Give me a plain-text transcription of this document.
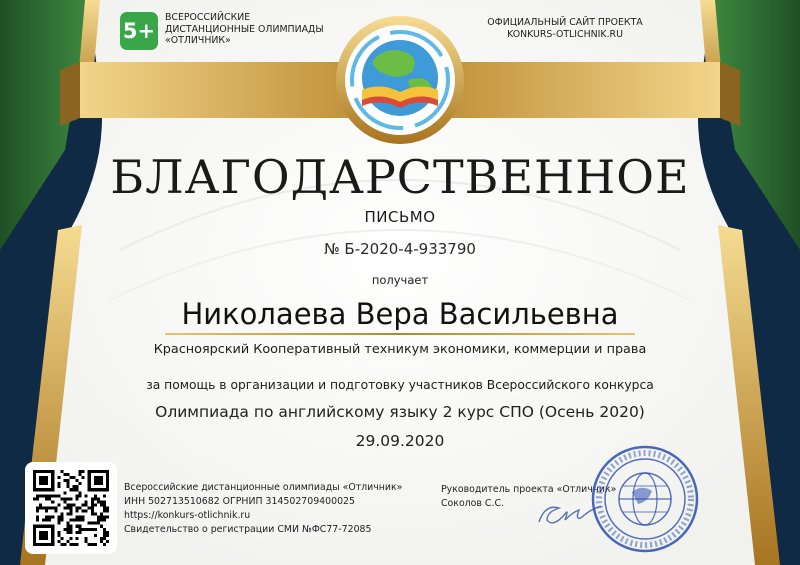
5+
ВСЕРОССИЙСКИЕ
ДИСТАНЦИОННЫЕ ОЛИМПИАДЫ
«ОТЛИЧНИК»
ОФИЦИАЛЬНЫЙ САЙТ ПРОЕКТА
KONKURS-OTLICHNIK.RU
БЛАГОДАРСТВЕННОЕ
ПИСЬМО
№ Б-2020-4-933790
получает
Николаева Вера Васильевна
Красноярский Кооперативный техникум экономики, коммерции и права
за помощь в организации и подготовку участников Всероссийского конкурса
Олимпиада по английскому языку 2 курс СПО (Осень 2020)
29.09.2020
Всероссийские дистанционные олимпиады «Отличник»
ИНН 502713510682 ОГРНИП 314502709400025
https://konkurs-otlichnik.ru
Свидетельство о регистрации СМИ №ФС77-72085
Руководитель проекта «Отличник»
Соколов С.С.
